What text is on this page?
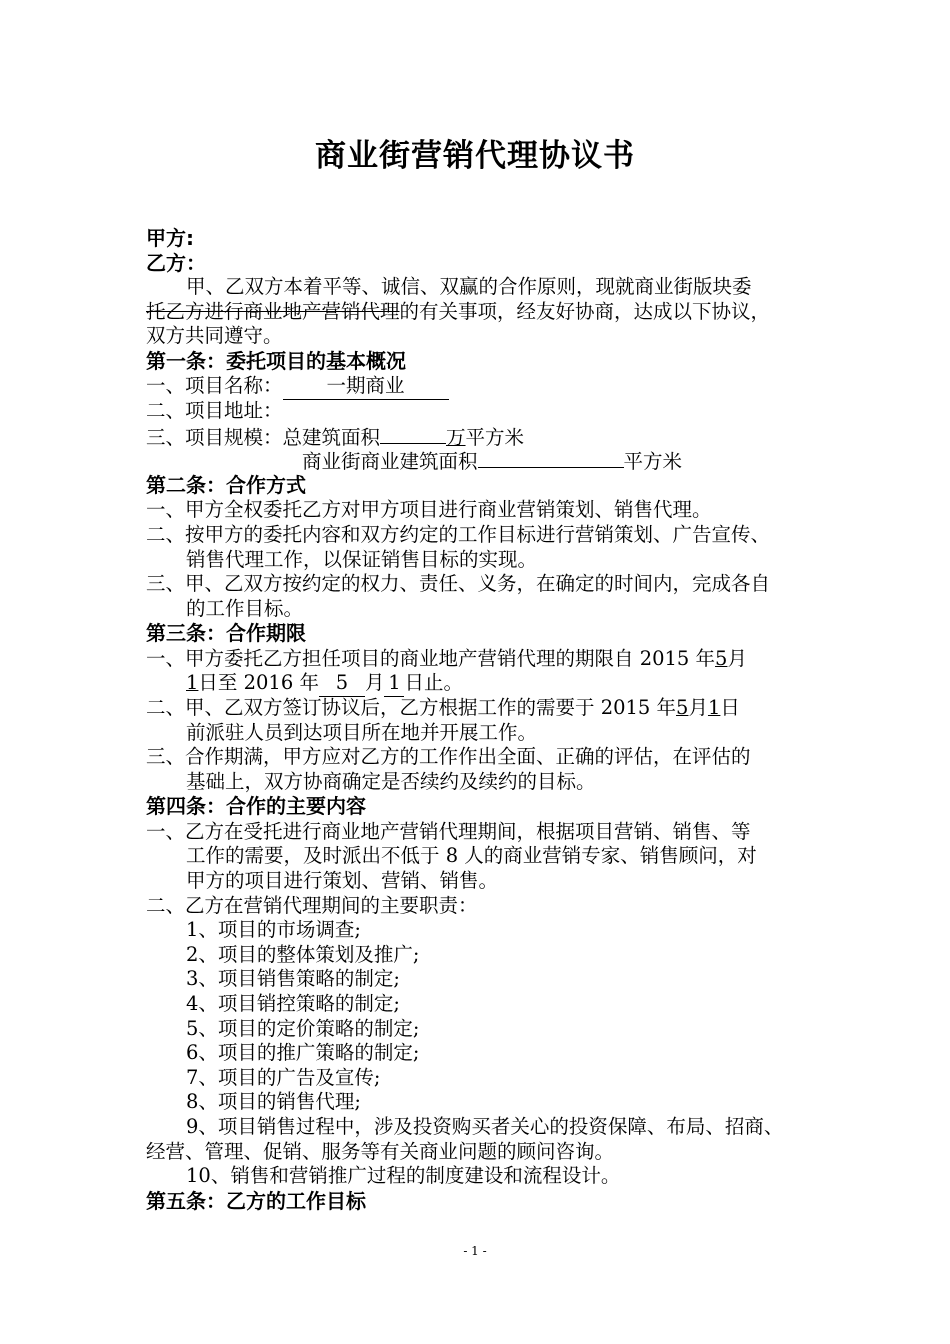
商业街营销代理协议书
甲方:
乙方：
甲、乙双方本着平等、诚信、双赢的合作原则，现就商业街版块委
托乙方进行商业地产营销代理的有关事项，经友好协商，达成以下协议，
双方共同遵守。
第一条：委托项目的基本概况
一、项目名称： 一期商业
二、项目地址：
三、项目规模：总建筑面积	万平方米
商业街商业建筑面积	平方米
第二条：合作方式
一、甲方全权委托乙方对甲方项目进行商业营销策划、销售代理。
二、按甲方的委托内容和双方约定的工作目标进行营销策划、广告宣传、
销售代理工作，以保证销售目标的实现。
三、甲、乙双方按约定的权力、责任、义务，在确定的时间内，完成各自
的工作目标。
第三条：合作期限
一、甲方委托乙方担任项目的商业地产营销代理的期限自 2015 年5月
1日至 2016 年 5 月 1 日止。
二、甲、乙双方签订协议后，乙方根据工作的需要于 2015 年5月1日
前派驻人员到达项目所在地并开展工作。
三、合作期满，甲方应对乙方的工作作出全面、正确的评估，在评估的
基础上，双方协商确定是否续约及续约的目标。
第四条：合作的主要内容
一、乙方在受托进行商业地产营销代理期间，根据项目营销、销售、等
工作的需要，及时派出不低于 8 人的商业营销专家、销售顾问，对
甲方的项目进行策划、营销、销售。
二、乙方在营销代理期间的主要职责：
1、项目的市场调查;
2、项目的整体策划及推广;
3、项目销售策略的制定;
4、项目销控策略的制定;
5、项目的定价策略的制定;
6、项目的推广策略的制定;
7、项目的广告及宣传;
8、项目的销售代理;
9、项目销售过程中，涉及投资购买者关心的投资保障、布局、招商、
经营、管理、促销、服务等有关商业问题的顾问咨询。
10、销售和营销推广过程的制度建设和流程设计。
第五条：乙方的工作目标
- 1 -
